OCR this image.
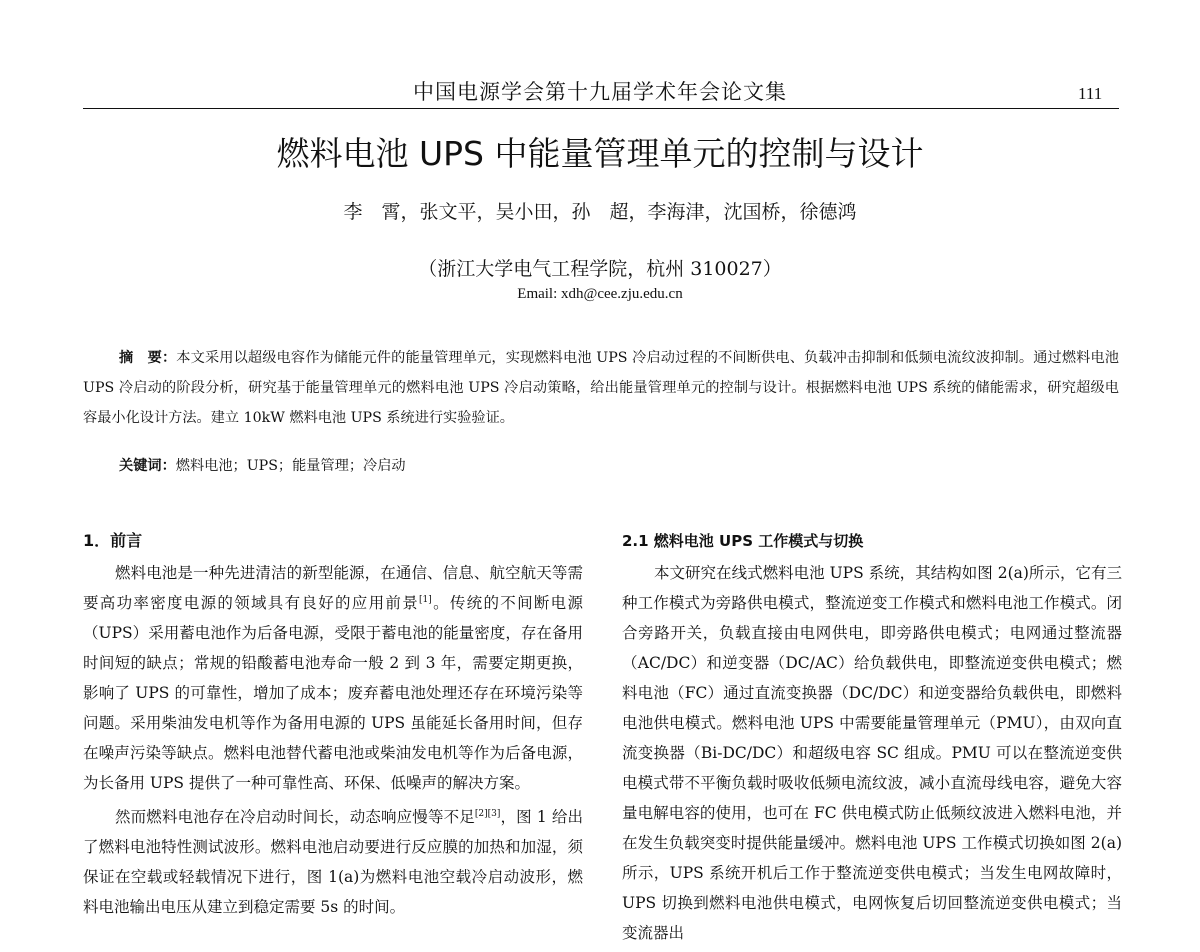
中国电源学会第十九届学术年会论文集	111
燃料电池 UPS 中能量管理单元的控制与设计
李　霄，张文平，吴小田，孙　超，李海津，沈国桥，徐德鸿
（浙江大学电气工程学院，杭州 310027）
Email: xdh@cee.zju.edu.cn
摘　要：本文采用以超级电容作为储能元件的能量管理单元，实现燃料电池 UPS 冷启动过程的不间断供电、负载冲击抑制和低频电流纹波抑制。通过燃料电池 UPS 冷启动的阶段分析，研究基于能量管理单元的燃料电池 UPS 冷启动策略，给出能量管理单元的控制与设计。根据燃料电池 UPS 系统的储能需求，研究超级电容最小化设计方法。建立 10kW 燃料电池 UPS 系统进行实验验证。
关键词：燃料电池；UPS；能量管理；冷启动
1．前言

燃料电池是一种先进清洁的新型能源，在通信、信息、航空航天等需要高功率密度电源的领域具有良好的应用前景[1]。传统的不间断电源（UPS）采用蓄电池作为后备电源，受限于蓄电池的能量密度，存在备用时间短的缺点；常规的铅酸蓄电池寿命一般 2 到 3 年，需要定期更换，影响了 UPS 的可靠性，增加了成本；废弃蓄电池处理还存在环境污染等问题。采用柴油发电机等作为备用电源的 UPS 虽能延长备用时间，但存在噪声污染等缺点。燃料电池替代蓄电池或柴油发电机等作为后备电源，为长备用 UPS 提供了一种可靠性高、环保、低噪声的解决方案。

然而燃料电池存在冷启动时间长，动态响应慢等不足[2][3]，图 1 给出了燃料电池特性测试波形。燃料电池启动要进行反应膜的加热和加湿，须保证在空载或轻载情况下进行，图 1(a)为燃料电池空载冷启动波形，燃料电池输出电压从建立到稳定需要 5s 的时间。

2.1 燃料电池 UPS 工作模式与切换

本文研究在线式燃料电池 UPS 系统，其结构如图 2(a)所示，它有三种工作模式为旁路供电模式，整流逆变工作模式和燃料电池工作模式。闭合旁路开关，负载直接由电网供电，即旁路供电模式；电网通过整流器（AC/DC）和逆变器（DC/AC）给负载供电，即整流逆变供电模式；燃料电池（FC）通过直流变换器（DC/DC）和逆变器给负载供电，即燃料电池供电模式。燃料电池 UPS 中需要能量管理单元（PMU），由双向直流变换器（Bi-DC/DC）和超级电容 SC 组成。PMU 可以在整流逆变供电模式带不平衡负载时吸收低频电流纹波，减小直流母线电容，避免大容量电解电容的使用，也可在 FC 供电模式防止低频纹波进入燃料电池，并在发生负载突变时提供能量缓冲。燃料电池 UPS 工作模式切换如图 2(a)所示，UPS 系统开机后工作于整流逆变供电模式；当发生电网故障时，UPS 切换到燃料电池供电模式，电网恢复后切回整流逆变供电模式；当变流器出
